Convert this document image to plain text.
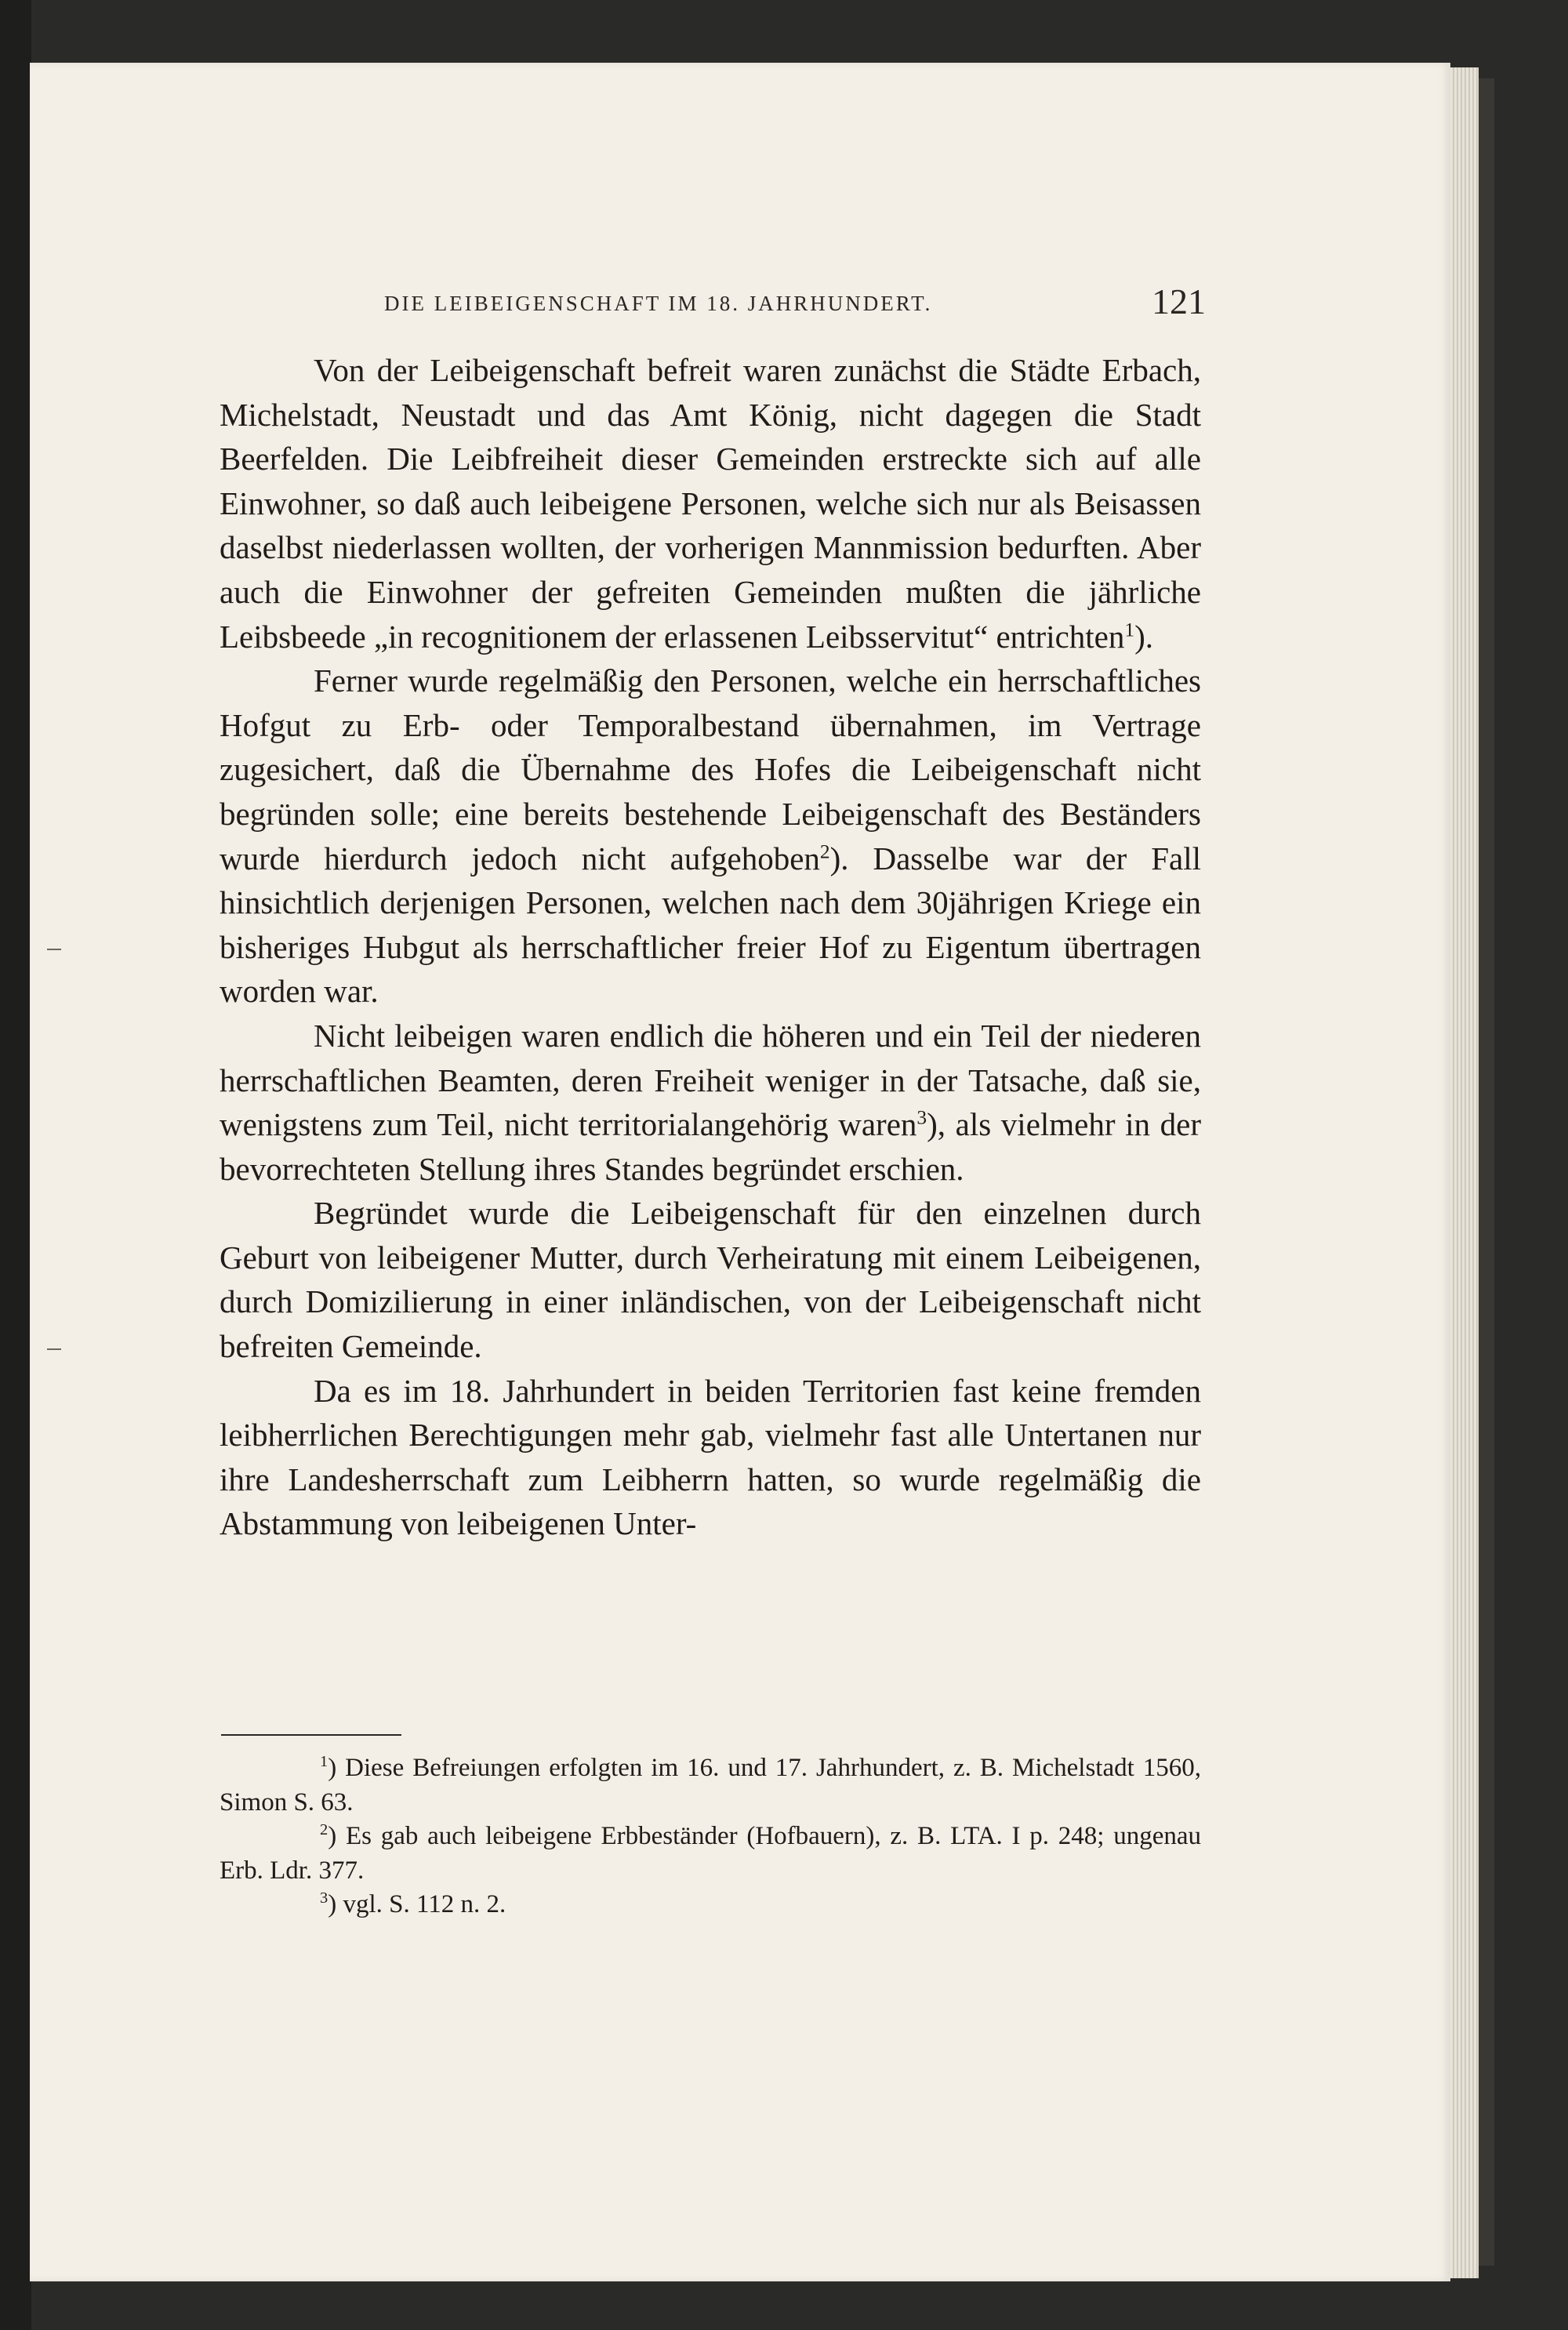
DIE LEIBEIGENSCHAFT IM 18. JAHRHUNDERT.	121

Von der Leibeigenschaft befreit waren zunächst die Städte Erbach, Michelstadt, Neustadt und das Amt König, nicht dagegen die Stadt Beerfelden. Die Leibfreiheit dieser Gemeinden erstreckte sich auf alle Einwohner, so daß auch leibeigene Personen, welche sich nur als Beisassen daselbst niederlassen wollten, der vorherigen Mannmission bedurften. Aber auch die Einwohner der gefreiten Gemeinden mußten die jährliche Leibsbeede „in recognitionem der erlassenen Leibsservitut“ entrichten$^1$).

Ferner wurde regelmäßig den Personen, welche ein herrschaftliches Hofgut zu Erb- oder Temporalbestand übernahmen, im Vertrage zugesichert, daß die Übernahme des Hofes die Leibeigenschaft nicht begründen solle; eine bereits bestehende Leibeigenschaft des Beständers wurde hierdurch jedoch nicht aufgehoben$^2$). Dasselbe war der Fall hinsichtlich derjenigen Personen, welchen nach dem 30jährigen Kriege ein bisheriges Hubgut als herrschaftlicher freier Hof zu Eigentum übertragen worden war.

Nicht leibeigen waren endlich die höheren und ein Teil der niederen herrschaftlichen Beamten, deren Freiheit weniger in der Tatsache, daß sie, wenigstens zum Teil, nicht territorialangehörig waren$^3$), als vielmehr in der bevorrechteten Stellung ihres Standes begründet erschien.

Begründet wurde die Leibeigenschaft für den einzelnen durch Geburt von leibeigener Mutter, durch Verheiratung mit einem Leibeigenen, durch Domizilierung in einer inländischen, von der Leibeigenschaft nicht befreiten Gemeinde.

Da es im 18. Jahrhundert in beiden Territorien fast keine fremden leibherrlichen Berechtigungen mehr gab, vielmehr fast alle Untertanen nur ihre Landesherrschaft zum Leibherrn hatten, so wurde regelmäßig die Abstammung von leibeigenen Unter-

$^1$) Diese Befreiungen erfolgten im 16. und 17. Jahrhundert, z. B. Michelstadt 1560, Simon S. 63.

$^2$) Es gab auch leibeigene Erbbeständer (Hofbauern), z. B. LTA. I p. 248; ungenau Erb. Ldr. 377.

$^3$) vgl. S. 112 n. 2.
